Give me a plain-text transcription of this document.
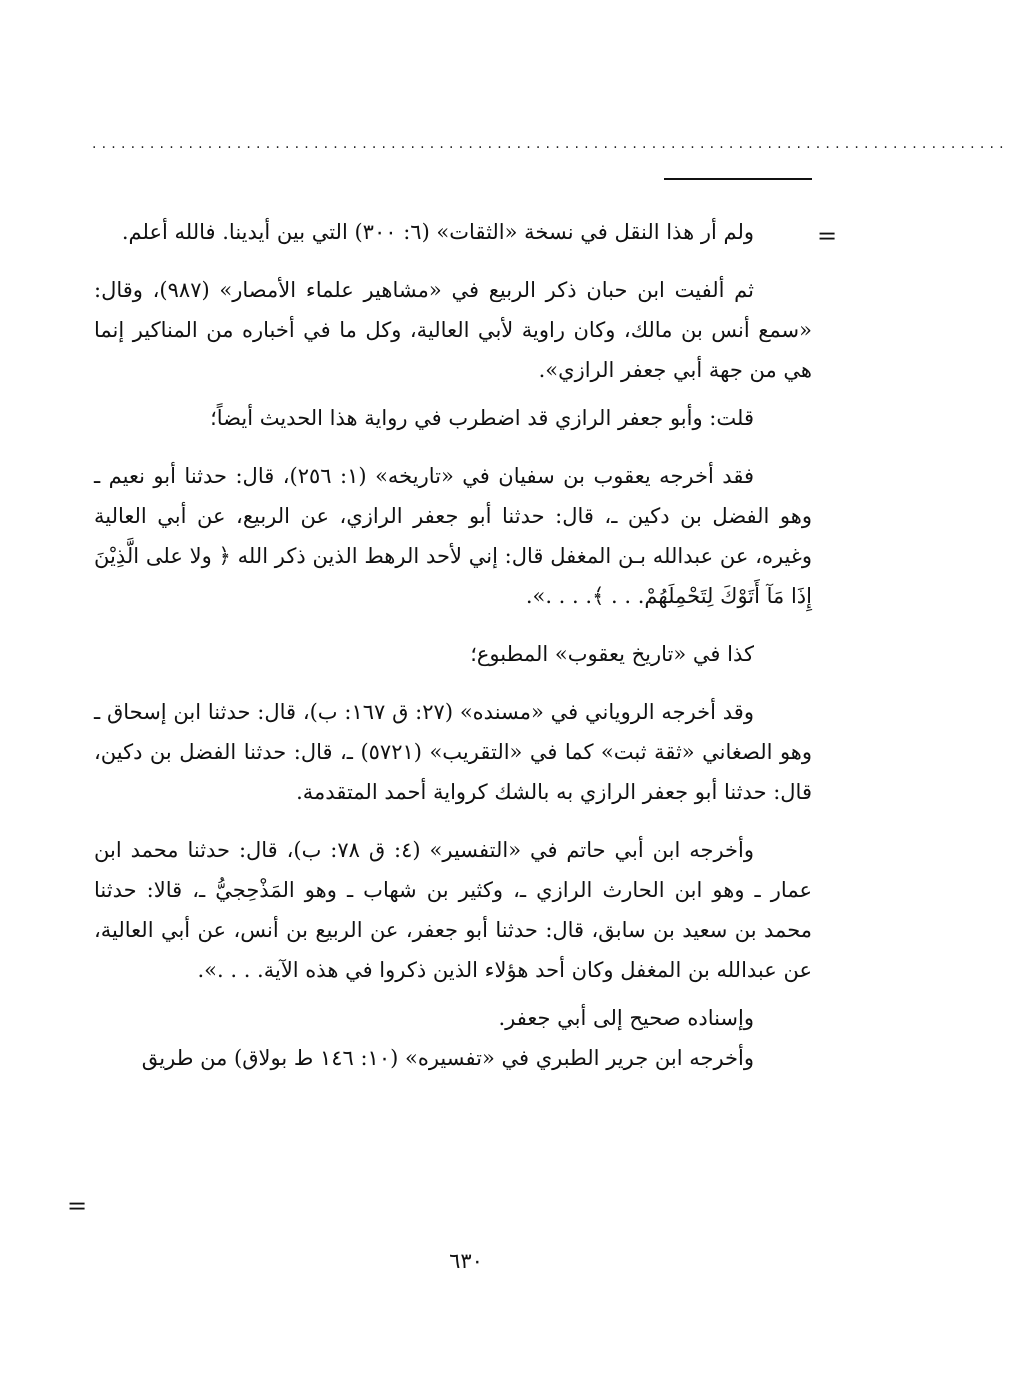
...............................................................................................
=

ولم أر هذا النقل في نسخة «الثقات» (٦: ٣٠٠) التي بين أيدينا. فالله أعلم.

ثم ألفيت ابن حبان ذكر الربيع في «مشاهير علماء الأمصار» (٩٨٧)، وقال: «سمع أنس بن مالك، وكان راوية لأبي العالية، وكل ما في أخباره من المناكير إنما هي من جهة أبي جعفر الرازي».

قلت: وأبو جعفر الرازي قد اضطرب في رواية هذا الحديث أيضاً؛

فقد أخرجه يعقوب بن سفيان في «تاريخه» (١: ٢٥٦)، قال: حدثنا أبو نعيم ـ وهو الفضل بن دكين ـ، قال: حدثنا أبو جعفر الرازي، عن الربيع، عن أبي العالية وغيره، عن عبدالله بـن المغفل قال: إني لأحد الرهط الذين ذكر الله ﴿ ولا على الَّذِيْنَ إِذَا مَآ أَتَوْكَ لِتَحْمِلَهُمْ. . . ﴾. . . .».

كذا في «تاريخ يعقوب» المطبوع؛

وقد أخرجه الروياني في «مسنده» (٢٧: ق ١٦٧: ب)، قال: حدثنا ابن إسحاق ـ وهو الصغاني «ثقة ثبت» كما في «التقريب» (٥٧٢١) ـ، قال: حدثنا الفضل بن دكين، قال: حدثنا أبو جعفر الرازي به بالشك كرواية أحمد المتقدمة.

وأخرجه ابن أبي حاتم في «التفسير» (٤: ق ٧٨: ب)، قال: حدثنا محمد ابن عمار ـ وهو ابن الحارث الرازي ـ، وكثير بن شهاب ـ وهو المَذْحِجيُّ ـ، قالا: حدثنا محمد بن سعيد بن سابق، قال: حدثنا أبو جعفر، عن الربيع بن أنس، عن أبي العالية، عن عبدالله بن المغفل وكان أحد هؤلاء الذين ذكروا في هذه الآية. . . .».

وإسناده صحيح إلى أبي جعفر.

وأخرجه ابن جرير الطبري في «تفسيره» (١٠: ١٤٦ ط بولاق) من طريق

=
٦٣٠
